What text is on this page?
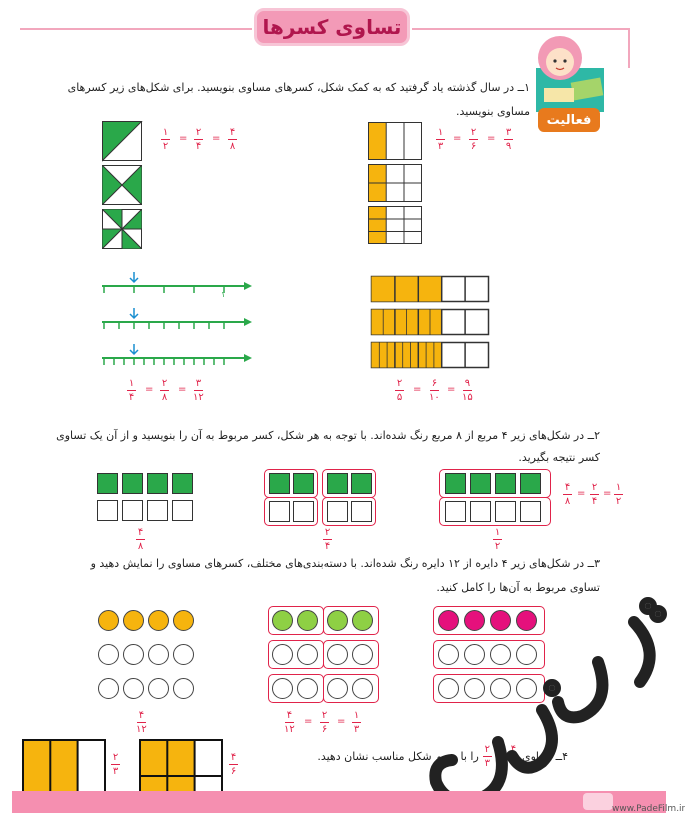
تساوی کسرها
فعالیت
۱ــ در سال گذشته یاد گرفتید که به کمک شکل، کسرهای مساوی بنویسید. برای شکل‌های زیر کسرهای
مساوی بنویسید.
۱
۲
=
۲
۴
=
۴
۸
۱
۳
=
۲
۶
=
۳
۹
۱
۱
۴
=
۲
۸
=
۳
۱۲
۲
۵
=
۶
۱۰
=
۹
۱۵
۲ــ در شکل‌های زیر ۴ مربع از ۸ مربع رنگ شده‌اند. با توجه به هر شکل، کسر مربوط به آن را بنویسید و از آن یک تساوی
کسر نتیجه بگیرید.
۴
۸
۲
۴
۱
۲
۴
۸
=
۲
۴
=
۱
۲
۳ــ در شکل‌های زیر ۴ دایره از ۱۲ دایره رنگ شده‌اند. با دسته‌بندی‌های مختلف، کسرهای مساوی را نمایش دهید و
تساوی مربوط به آن‌ها را کامل کنید.
۴
۱۲
۴
۱۲
=
۲
۶
=
۱
۳
۴ــ تساوی
$\frac{۴}{۶}$
=
$\frac{۲}{۳}$
را با رسم شکل مناسب نشان دهید.
۲
۳
۴
۶
www.PadeFilm.ir
